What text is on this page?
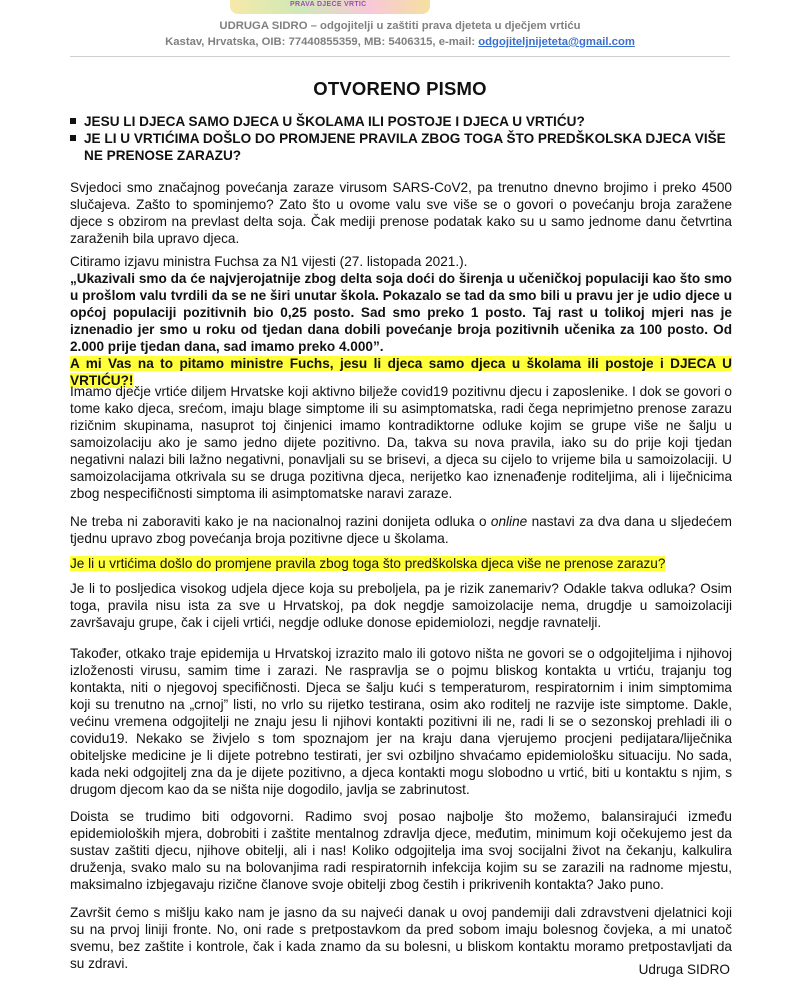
PRAVA DJEČE VRTIĆ
UDRUGA SIDRO – odgojitelji u zaštiti prava djeteta u dječjem vrtiću
Kastav, Hrvatska, OIB: 77440855359, MB: 5406315, e-mail: odgojiteljnijeteta@gmail.com
OTVORENO PISMO
JESU LI DJECA SAMO DJECA U ŠKOLAMA ILI POSTOJE I DJECA U VRTIĆU?
JE LI U VRTIĆIMA DOŠLO DO PROMJENE PRAVILA ZBOG TOGA ŠTO PREDŠKOLSKA DJECA VIŠE NE PRENOSE ZARAZU?

Svjedoci smo značajnog povećanja zaraze virusom SARS-CoV2, pa trenutno dnevno brojimo i preko 4500 slučajeva. Zašto to spominjemo? Zato što u ovome valu sve više se o govori o povećanju broja zaražene djece s obzirom na prevlast delta soja. Čak mediji prenose podatak kako su u samo jednome danu četvrtina zaraženih bila upravo djeca.

Citiramo izjavu ministra Fuchsa za N1 vijesti (27. listopada 2021.).
„Ukazivali smo da će najvjerojatnije zbog delta soja doći do širenja u učeničkoj populaciji kao što smo u prošlom valu tvrdili da se ne širi unutar škola. Pokazalo se tad da smo bili u pravu jer je udio djece u općoj populaciji pozitivnih bio 0,25 posto. Sad smo preko 1 posto. Taj rast u tolikoj mjeri nas je iznenadio jer smo u roku od tjedan dana dobili povećanje broja pozitivnih učenika za 100 posto. Od 2.000 prije tjedan dana, sad imamo preko 4.000”.
A mi Vas na to pitamo ministre Fuchs, jesu li djeca samo djeca u školama ili postoje i DJECA U VRTIĆU?!

Imamo dječje vrtiće diljem Hrvatske koji aktivno bilježe covid19 pozitivnu djecu i zaposlenike. I dok se govori o tome kako djeca, srećom, imaju blage simptome ili su asimptomatska, radi čega neprimjetno prenose zarazu rizičnim skupinama, nasuprot toj činjenici imamo kontradiktorne odluke kojim se grupe više ne šalju u samoizolaciju ako je samo jedno dijete pozitivno. Da, takva su nova pravila, iako su do prije koji tjedan negativni nalazi bili lažno negativni, ponavljali su se brisevi, a djeca su cijelo to vrijeme bila u samoizolaciji. U samoizolacijama otkrivala su se druga pozitivna djeca, nerijetko kao iznenađenje roditeljima, ali i liječnicima zbog nespecifičnosti simptoma ili asimptomatske naravi zaraze.

Ne treba ni zaboraviti kako je na nacionalnoj razini donijeta odluka o online nastavi za dva dana u sljedećem tjednu upravo zbog povećanja broja pozitivne djece u školama.

Je li u vrtićima došlo do promjene pravila zbog toga što predškolska djeca više ne prenose zarazu?

Je li to posljedica visokog udjela djece koja su preboljela, pa je rizik zanemariv? Odakle takva odluka? Osim toga, pravila nisu ista za sve u Hrvatskoj, pa dok negdje samoizolacije nema, drugdje u samoizolaciji završavaju grupe, čak i cijeli vrtići, negdje odluke donose epidemiolozi, negdje ravnatelji.

Također, otkako traje epidemija u Hrvatskoj izrazito malo ili gotovo ništa ne govori se o odgojiteljima i njihovoj izloženosti virusu, samim time i zarazi. Ne raspravlja se o pojmu bliskog kontakta u vrtiću, trajanju tog kontakta, niti o njegovoj specifičnosti. Djeca se šalju kući s temperaturom, respiratornim i inim simptomima koji su trenutno na „crnoj” listi, no vrlo su rijetko testirana, osim ako roditelj ne razvije iste simptome. Dakle, većinu vremena odgojitelji ne znaju jesu li njihovi kontakti pozitivni ili ne, radi li se o sezonskoj prehladi ili o covidu19. Nekako se živjelo s tom spoznajom jer na kraju dana vjerujemo procjeni pedijatara/liječnika obiteljske medicine je li dijete potrebno testirati, jer svi ozbiljno shvaćamo epidemiološku situaciju. No sada, kada neki odgojitelj zna da je dijete pozitivno, a djeca kontakti mogu slobodno u vrtić, biti u kontaktu s njim, s drugom djecom kao da se ništa nije dogodilo, javlja se zabrinutost.

Doista se trudimo biti odgovorni. Radimo svoj posao najbolje što možemo, balansirajući između epidemioloških mjera, dobrobiti i zaštite mentalnog zdravlja djece, međutim, minimum koji očekujemo jest da sustav zaštiti djecu, njihove obitelji, ali i nas! Koliko odgojitelja ima svoj socijalni život na čekanju, kalkulira druženja, svako malo su na bolovanjima radi respiratornih infekcija kojim su se zarazili na radnome mjestu, maksimalno izbjegavaju rizične članove svoje obitelji zbog čestih i prikrivenih kontakta? Jako puno.

Završit ćemo s mišlju kako nam je jasno da su najveći danak u ovoj pandemiji dali zdravstveni djelatnici koji su na prvoj liniji fronte. No, oni rade s pretpostavkom da pred sobom imaju bolesnog čovjeka, a mi unatoč svemu, bez zaštite i kontrole, čak i kada znamo da su bolesni, u bliskom kontaktu moramo pretpostavljati da su zdravi.	Udruga SIDRO
